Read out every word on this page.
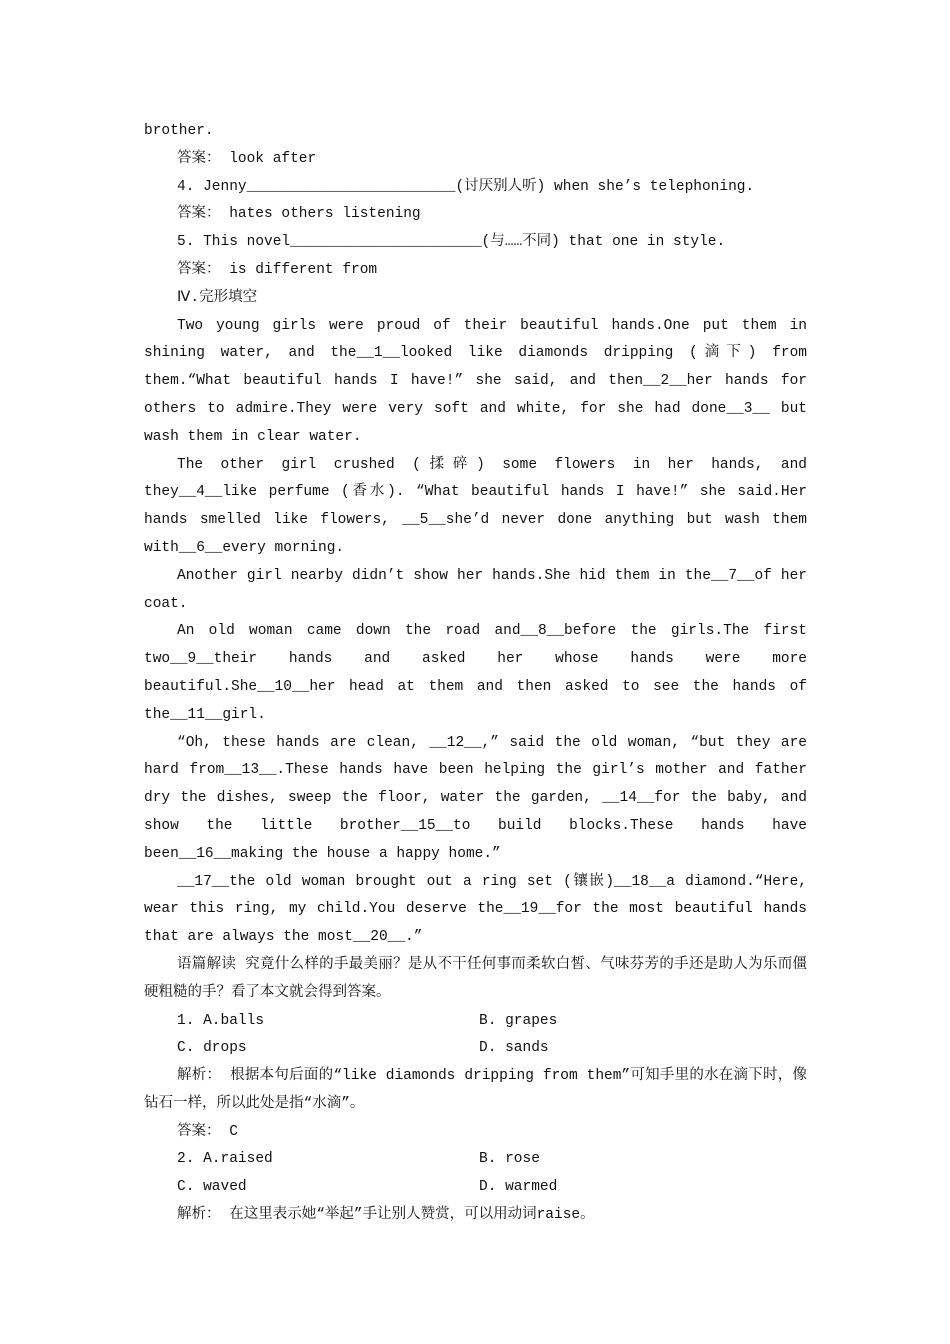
brother.

答案： look after

4. Jenny________________________(讨厌别人听) when she’s telephoning.

答案： hates others listening

5. This novel______________________(与……不同) that one in style.

答案： is different from

Ⅳ.完形填空

Two young girls were proud of their beautiful hands.One put them in shining water, and the__1__looked like diamonds dripping (滴下) from them.“What beautiful hands I have!” she said, and then__2__her hands for others to admire.They were very soft and white, for she had done__3__ but wash them in clear water.

The other girl crushed (揉碎) some flowers in her hands, and they__4__like perfume (香水). “What beautiful hands I have!” she said.Her hands smelled like flowers, __5__she’d never done anything but wash them with__6__every morning.

Another girl nearby didn’t show her hands.She hid them in the__7__of her coat.

An old woman came down the road and__8__before the girls.The first two__9__their hands and asked her whose hands were more beautiful.She__10__her head at them and then asked to see the hands of the__11__girl.

“Oh, these hands are clean, __12__,” said the old woman, “but they are hard from__13__.These hands have been helping the girl’s mother and father dry the dishes, sweep the floor, water the garden, __14__for the baby, and show the little brother__15__to build blocks.These hands have been__16__making the house a happy home.”

__17__the old woman brought out a ring set (镶嵌)__18__a diamond.“Here, wear this ring, my child.You deserve the__19__for the most beautiful hands that are always the most__20__.”

语篇解读 究竟什么样的手最美丽？是从不干任何事而柔软白皙、气味芬芳的手还是助人为乐而僵硬粗糙的手？看了本文就会得到答案。

1. A.balls	B. grapes
C. drops	D. sands

解析： 根据本句后面的“like diamonds dripping from them”可知手里的水在滴下时，像钻石一样，所以此处是指“水滴”。

答案： C

2. A.raised	B. rose
C. waved	D. warmed

解析： 在这里表示她“举起”手让别人赞赏，可以用动词raise。
